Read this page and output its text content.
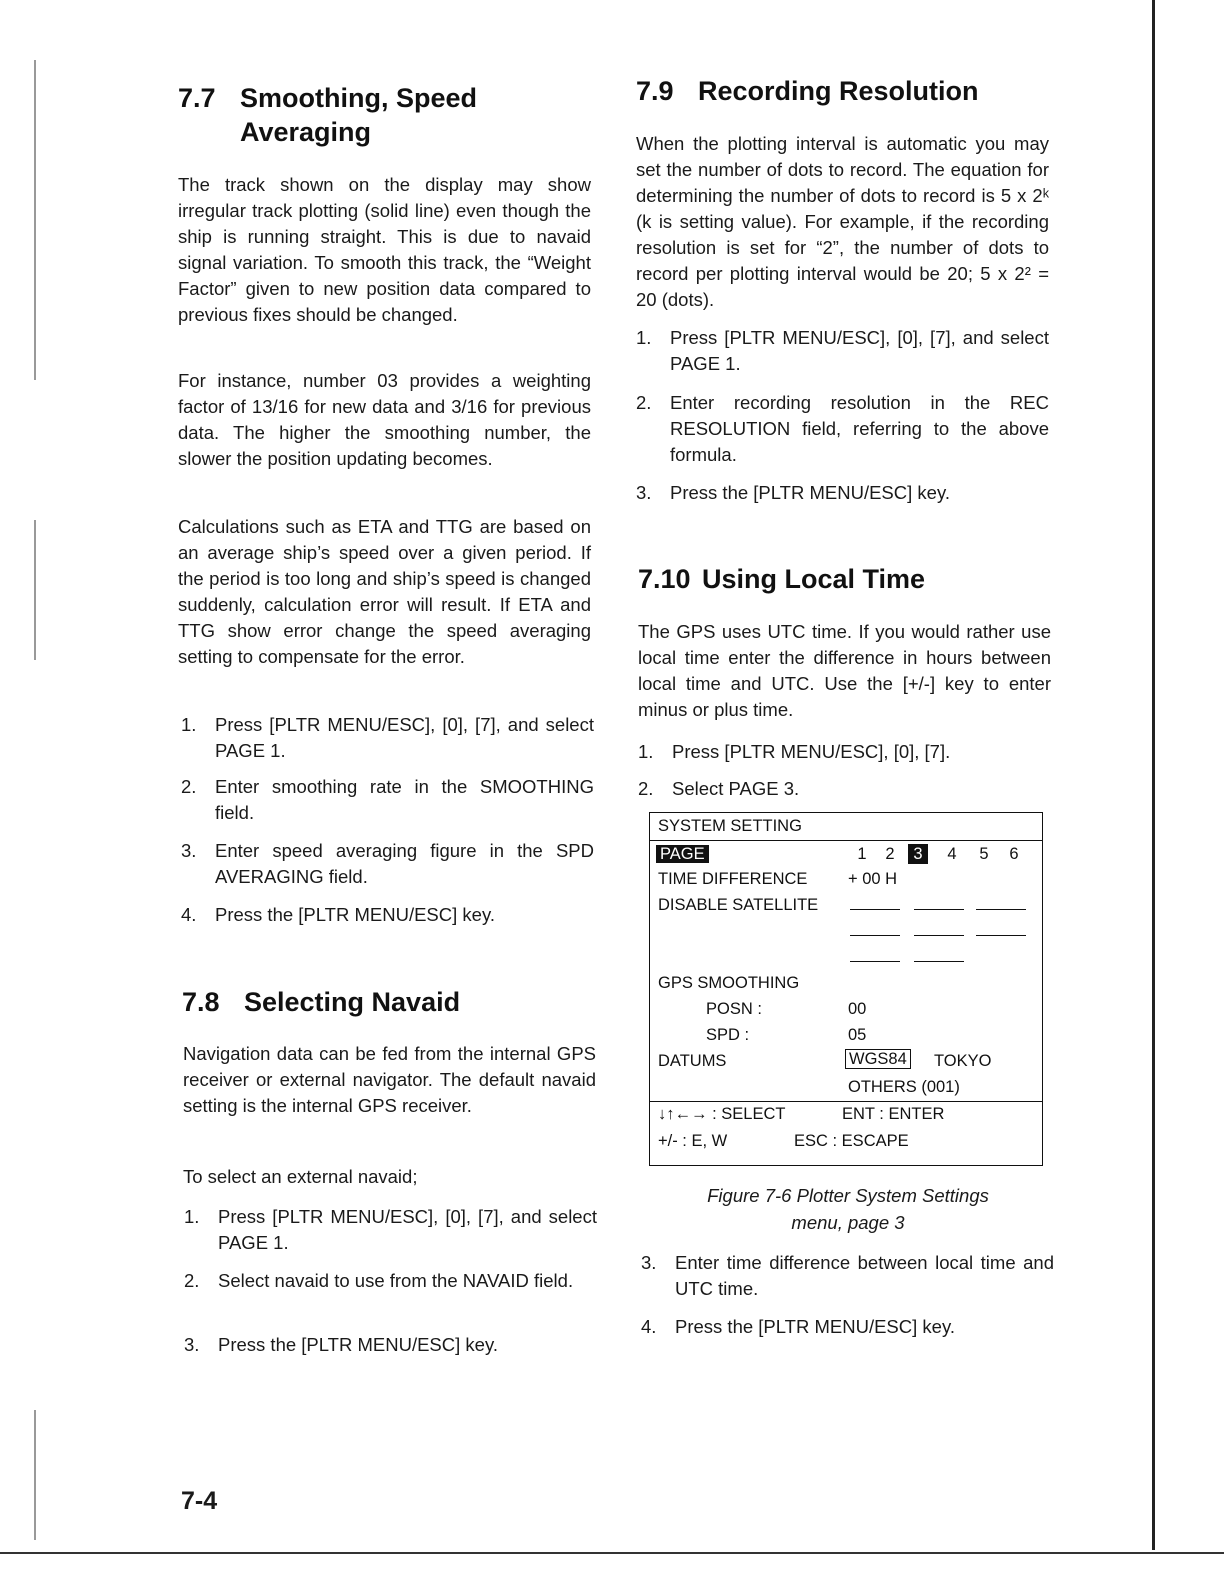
7.7 Smoothing, Speed
Averaging

The track shown on the display may show irregular track plotting (solid line) even though the ship is running straight. This is due to navaid signal variation. To smooth this track, the “Weight Factor” given to new position data compared to previous fixes should be changed.

For instance, number 03 provides a weighting factor of 13/16 for new data and 3/16 for previous data. The higher the smoothing number, the slower the position updating becomes.

Calculations such as ETA and TTG are based on an average ship’s speed over a given period. If the period is too long and ship’s speed is changed suddenly, calculation error will result. If ETA and TTG show error change the speed averaging setting to compensate for the error.

1. Press [PLTR MENU/ESC], [0], [7], and select PAGE 1.
2. Enter smoothing rate in the SMOOTHING field.
3. Enter speed averaging figure in the SPD AVERAGING field.
4. Press the [PLTR MENU/ESC] key.
7.8 Selecting Navaid

Navigation data can be fed from the internal GPS receiver or external navigator. The default navaid setting is the internal GPS receiver.

To select an external navaid;

1. Press [PLTR MENU/ESC], [0], [7], and select PAGE 1.
2. Select navaid to use from the NAVAID field.
3. Press the [PLTR MENU/ESC] key.
7-4
7.9 Recording Resolution

When the plotting interval is automatic you may set the number of dots to record. The equation for determining the number of dots to record is 5 x 2ᵏ (k is setting value). For example, if the recording resolution is set for “2”, the number of dots to record per plotting interval would be 20; 5 x 2² = 20 (dots).

1. Press [PLTR MENU/ESC], [0], [7], and select PAGE 1.
2. Enter recording resolution in the REC RESOLUTION field, referring to the above formula.
3. Press the [PLTR MENU/ESC] key.
7.10 Using Local Time

The GPS uses UTC time. If you would rather use local time enter the difference in hours between local time and UTC. Use the [+/-] key to enter minus or plus time.

1. Press [PLTR MENU/ESC], [0], [7].
2. Select PAGE 3.
SYSTEM SETTING
PAGE	1	2	3	4	5	6
TIME DIFFERENCE + 00 H
DISABLE SATELLITE
GPS SMOOTHING
POSN :	00
SPD :	05
DATUMS	WGS84 TOKYO
OTHERS (001)
↓↑←→ : SELECT	ENT : ENTER
+/- : E, W	ESC : ESCAPE
Figure 7-6 Plotter System Settings
menu, page 3
3. Enter time difference between local time and UTC time.
4. Press the [PLTR MENU/ESC] key.
